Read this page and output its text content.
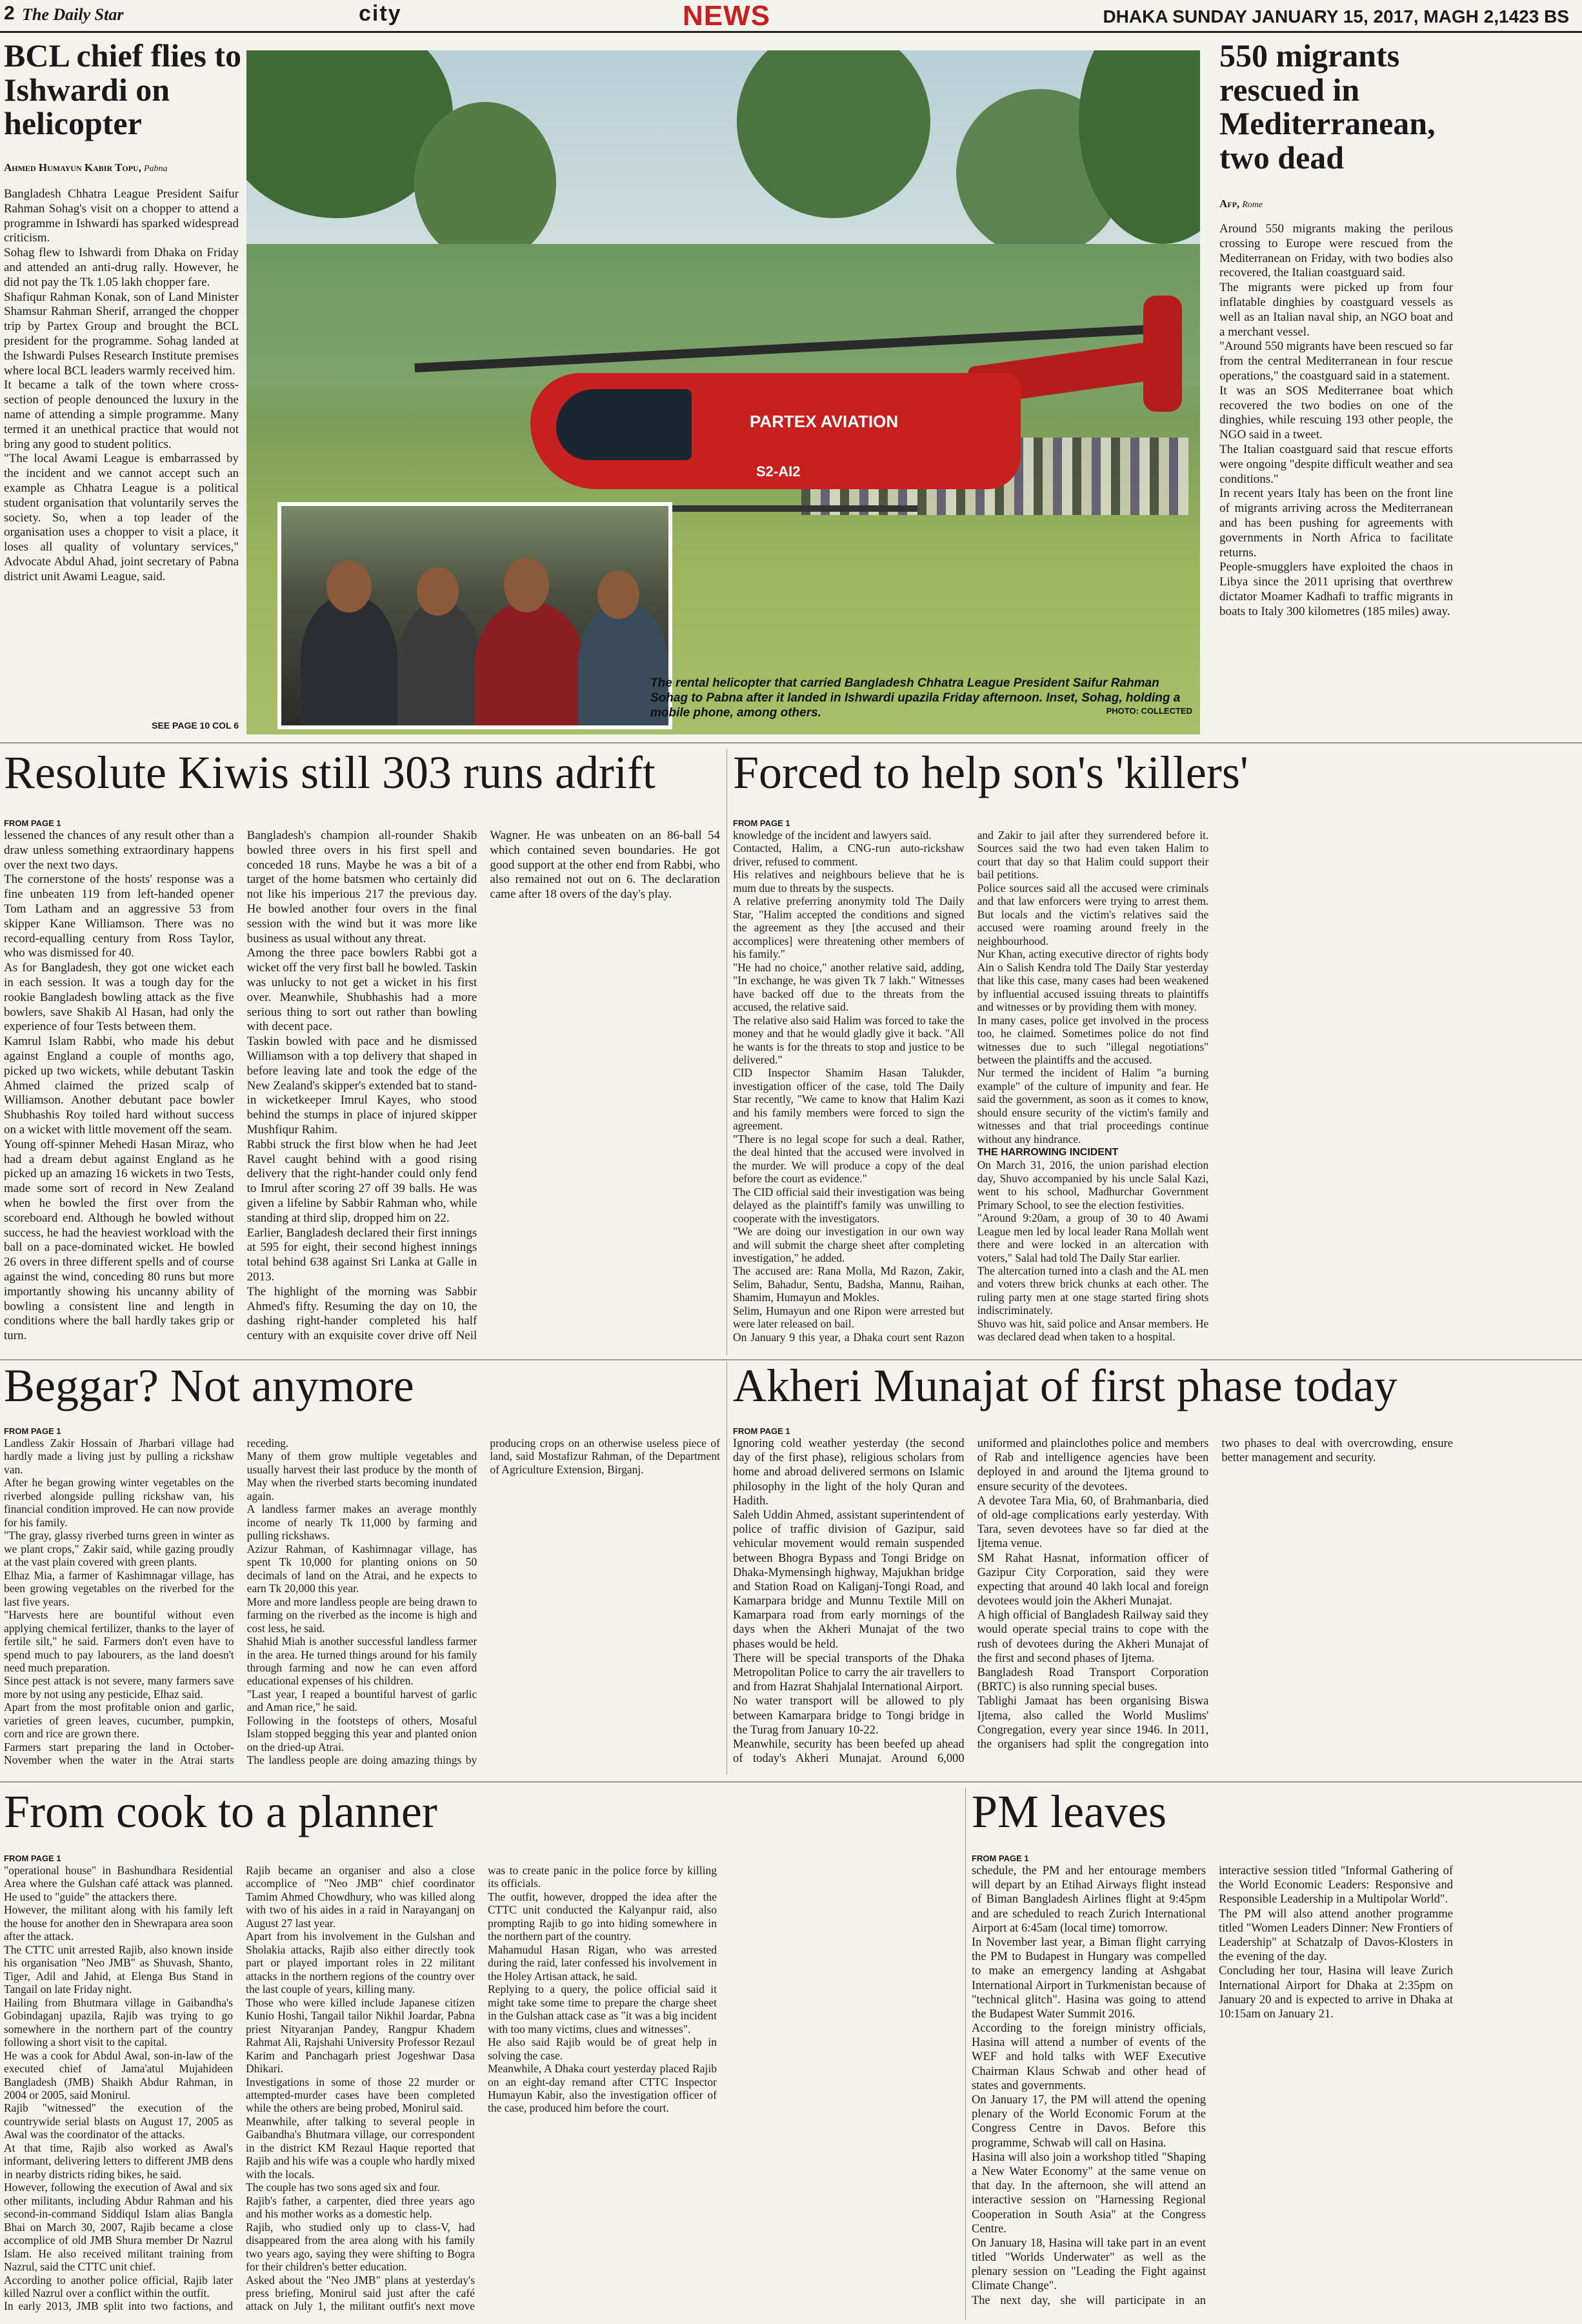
2 The Daily Star	city	NEWS	DHAKA SUNDAY JANUARY 15, 2017, MAGH 2,1423 BS
BCL chief flies to Ishwardi on helicopter
Ahmed Humayun Kabir Topu, Pabna
Bangladesh Chhatra League President Saifur Rahman Sohag's visit on a chopper to attend a programme in Ishwardi has sparked widespread criticism.
Sohag flew to Ishwardi from Dhaka on Friday and attended an anti-drug rally. However, he did not pay the Tk 1.05 lakh chopper fare.
Shafiqur Rahman Konak, son of Land Minister Shamsur Rahman Sherif, arranged the chopper trip by Partex Group and brought the BCL president for the programme. Sohag landed at the Ishwardi Pulses Research Institute premises where local BCL leaders warmly received him.
It became a talk of the town where cross-section of people denounced the luxury in the name of attending a simple programme. Many termed it an unethical practice that would not bring any good to student politics.
"The local Awami League is embarrassed by the incident and we cannot accept such an example as Chhatra League is a political student organisation that voluntarily serves the society. So, when a top leader of the organisation uses a chopper to visit a place, it loses all quality of voluntary services," Advocate Abdul Ahad, joint secretary of Pabna district unit Awami League, said.
SEE PAGE 10 COL 6
PARTEX AVIATION
S2-AI2
The rental helicopter that carried Bangladesh Chhatra League President Saifur Rahman Sohag to Pabna after it landed in Ishwardi upazila Friday afternoon. Inset, Sohag, holding a mobile phone, among others.	PHOTO: COLLECTED
550 migrants rescued in Mediterranean, two dead
Afp, Rome
Around 550 migrants making the perilous crossing to Europe were rescued from the Mediterranean on Friday, with two bodies also recovered, the Italian coastguard said.
The migrants were picked up from four inflatable dinghies by coastguard vessels as well as an Italian naval ship, an NGO boat and a merchant vessel.
"Around 550 migrants have been rescued so far from the central Mediterranean in four rescue operations," the coastguard said in a statement.
It was an SOS Mediterranee boat which recovered the two bodies on one of the dinghies, while rescuing 193 other people, the NGO said in a tweet.
The Italian coastguard said that rescue efforts were ongoing "despite difficult weather and sea conditions."
In recent years Italy has been on the front line of migrants arriving across the Mediterranean and has been pushing for agreements with governments in North Africa to facilitate returns.
People-smugglers have exploited the chaos in Libya since the 2011 uprising that overthrew dictator Moamer Kadhafi to traffic migrants in boats to Italy 300 kilometres (185 miles) away.
Resolute Kiwis still 303 runs adrift
FROM PAGE 1
lessened the chances of any result other than a draw unless something extraordinary happens over the next two days.
The cornerstone of the hosts' response was a fine unbeaten 119 from left-handed opener Tom Latham and an aggressive 53 from skipper Kane Williamson. There was no record-equalling century from Ross Taylor, who was dismissed for 40.
As for Bangladesh, they got one wicket each in each session. It was a tough day for the rookie Bangladesh bowling attack as the five bowlers, save Shakib Al Hasan, had only the experience of four Tests between them.
Kamrul Islam Rabbi, who made his debut against England a couple of months ago, picked up two wickets, while debutant Taskin Ahmed claimed the prized scalp of Williamson. Another debutant pace bowler Shubhashis Roy toiled hard without success on a wicket with little movement off the seam.
Young off-spinner Mehedi Hasan Miraz, who had a dream debut against England as he picked up an amazing 16 wickets in two Tests, made some sort of record in New Zealand when he bowled the first over from the scoreboard end. Although he bowled without success, he had the heaviest workload with the ball on a pace-dominated wicket. He bowled 26 overs in three different spells and of course against the wind, conceding 80 runs but more importantly showing his uncanny ability of bowling a consistent line and length in conditions where the ball hardly takes grip or turn.
Bangladesh's champion all-rounder Shakib bowled three overs in his first spell and conceded 18 runs. Maybe he was a bit of a target of the home batsmen who certainly did not like his imperious 217 the previous day. He bowled another four overs in the final session with the wind but it was more like business as usual without any threat.
Among the three pace bowlers Rabbi got a wicket off the very first ball he bowled. Taskin was unlucky to not get a wicket in his first over. Meanwhile, Shubhashis had a more serious thing to sort out rather than bowling with decent pace.
Taskin bowled with pace and he dismissed Williamson with a top delivery that shaped in before leaving late and took the edge of the New Zealand's skipper's extended bat to stand-in wicketkeeper Imrul Kayes, who stood behind the stumps in place of injured skipper Mushfiqur Rahim.
Rabbi struck the first blow when he had Jeet Ravel caught behind with a good rising delivery that the right-hander could only fend to Imrul after scoring 27 off 39 balls. He was given a lifeline by Sabbir Rahman who, while standing at third slip, dropped him on 22.
Earlier, Bangladesh declared their first innings at 595 for eight, their second highest innings total behind 638 against Sri Lanka at Galle in 2013.
The highlight of the morning was Sabbir Ahmed's fifty. Resuming the day on 10, the dashing right-hander completed his half century with an exquisite cover drive off Neil Wagner. He was unbeaten on an 86-ball 54 which contained seven boundaries. He got good support at the other end from Rabbi, who also remained not out on 6. The declaration came after 18 overs of the day's play.
Forced to help son's 'killers'
FROM PAGE 1
knowledge of the incident and lawyers said.
Contacted, Halim, a CNG-run auto-rickshaw driver, refused to comment.
His relatives and neighbours believe that he is mum due to threats by the suspects.
A relative preferring anonymity told The Daily Star, "Halim accepted the conditions and signed the agreement as they [the accused and their accomplices] were threatening other members of his family."
"He had no choice," another relative said, adding, "In exchange, he was given Tk 7 lakh." Witnesses have backed off due to the threats from the accused, the relative said.
The relative also said Halim was forced to take the money and that he would gladly give it back. "All he wants is for the threats to stop and justice to be delivered."
CID Inspector Shamim Hasan Talukder, investigation officer of the case, told The Daily Star recently, "We came to know that Halim Kazi and his family members were forced to sign the agreement.
"There is no legal scope for such a deal. Rather, the deal hinted that the accused were involved in the murder. We will produce a copy of the deal before the court as evidence."
The CID official said their investigation was being delayed as the plaintiff's family was unwilling to cooperate with the investigators.
"We are doing our investigation in our own way and will submit the charge sheet after completing investigation," he added.
The accused are: Rana Molla, Md Razon, Zakir, Selim, Bahadur, Sentu, Badsha, Mannu, Raihan, Shamim, Humayun and Mokles.
Selim, Humayun and one Ripon were arrested but were later released on bail.
On January 9 this year, a Dhaka court sent Razon and Zakir to jail after they surrendered before it. Sources said the two had even taken Halim to court that day so that Halim could support their bail petitions.
Police sources said all the accused were criminals and that law enforcers were trying to arrest them. But locals and the victim's relatives said the accused were roaming around freely in the neighbourhood.
Nur Khan, acting executive director of rights body Ain o Salish Kendra told The Daily Star yesterday that like this case, many cases had been weakened by influential accused issuing threats to plaintiffs and witnesses or by providing them with money.
In many cases, police get involved in the process too, he claimed. Sometimes police do not find witnesses due to such "illegal negotiations" between the plaintiffs and the accused.
Nur termed the incident of Halim "a burning example" of the culture of impunity and fear. He said the government, as soon as it comes to know, should ensure security of the victim's family and witnesses and that trial proceedings continue without any hindrance.
THE HARROWING INCIDENT
On March 31, 2016, the union parishad election day, Shuvo accompanied by his uncle Salal Kazi, went to his school, Madhurchar Government Primary School, to see the election festivities.
"Around 9:20am, a group of 30 to 40 Awami League men led by local leader Rana Mollah went there and were locked in an altercation with voters," Salal had told The Daily Star earlier.
The altercation turned into a clash and the AL men and voters threw brick chunks at each other. The ruling party men at one stage started firing shots indiscriminately.
Shuvo was hit, said police and Ansar members. He was declared dead when taken to a hospital.
Beggar? Not anymore
FROM PAGE 1
Landless Zakir Hossain of Jharbari village had hardly made a living just by pulling a rickshaw van.
After he began growing winter vegetables on the riverbed alongside pulling rickshaw van, his financial condition improved. He can now provide for his family.
"The gray, glassy riverbed turns green in winter as we plant crops," Zakir said, while gazing proudly at the vast plain covered with green plants.
Elhaz Mia, a farmer of Kashimnagar village, has been growing vegetables on the riverbed for the last five years.
"Harvests here are bountiful without even applying chemical fertilizer, thanks to the layer of fertile silt," he said. Farmers don't even have to spend much to pay labourers, as the land doesn't need much preparation.
Since pest attack is not severe, many farmers save more by not using any pesticide, Elhaz said.
Apart from the most profitable onion and garlic, varieties of green leaves, cucumber, pumpkin, corn and rice are grown there.
Farmers start preparing the land in October-November when the water in the Atrai starts receding.
Many of them grow multiple vegetables and usually harvest their last produce by the month of May when the riverbed starts becoming inundated again.
A landless farmer makes an average monthly income of nearly Tk 11,000 by farming and pulling rickshaws.
Azizur Rahman, of Kashimnagar village, has spent Tk 10,000 for planting onions on 50 decimals of land on the Atrai, and he expects to earn Tk 20,000 this year.
More and more landless people are being drawn to farming on the riverbed as the income is high and cost less, he said.
Shahid Miah is another successful landless farmer in the area. He turned things around for his family through farming and now he can even afford educational expenses of his children.
"Last year, I reaped a bountiful harvest of garlic and Aman rice," he said.
Following in the footsteps of others, Mosaful Islam stopped begging this year and planted onion on the dried-up Atrai.
The landless people are doing amazing things by producing crops on an otherwise useless piece of land, said Mostafizur Rahman, of the Department of Agriculture Extension, Birganj.
Akheri Munajat of first phase today
FROM PAGE 1
Ignoring cold weather yesterday (the second day of the first phase), religious scholars from home and abroad delivered sermons on Islamic philosophy in the light of the holy Quran and Hadith.
Saleh Uddin Ahmed, assistant superintendent of police of traffic division of Gazipur, said vehicular movement would remain suspended between Bhogra Bypass and Tongi Bridge on Dhaka-Mymensingh highway, Majukhan bridge and Station Road on Kaliganj-Tongi Road, and Kamarpara bridge and Munnu Textile Mill on Kamarpara road from early mornings of the days when the Akheri Munajat of the two phases would be held.
There will be special transports of the Dhaka Metropolitan Police to carry the air travellers to and from Hazrat Shahjalal International Airport.
No water transport will be allowed to ply between Kamarpara bridge to Tongi bridge in the Turag from January 10-22.
Meanwhile, security has been beefed up ahead of today's Akheri Munajat. Around 6,000 uniformed and plainclothes police and members of Rab and intelligence agencies have been deployed in and around the Ijtema ground to ensure security of the devotees.
A devotee Tara Mia, 60, of Brahmanbaria, died of old-age complications early yesterday. With Tara, seven devotees have so far died at the Ijtema venue.
SM Rahat Hasnat, information officer of Gazipur City Corporation, said they were expecting that around 40 lakh local and foreign devotees would join the Akheri Munajat.
A high official of Bangladesh Railway said they would operate special trains to cope with the rush of devotees during the Akheri Munajat of the first and second phases of Ijtema.
Bangladesh Road Transport Corporation (BRTC) is also running special buses.
Tablighi Jamaat has been organising Biswa Ijtema, also called the World Muslims' Congregation, every year since 1946. In 2011, the organisers had split the congregation into two phases to deal with overcrowding, ensure better management and security.
From cook to a planner
FROM PAGE 1
"operational house" in Bashundhara Residential Area where the Gulshan café attack was planned. He used to "guide" the attackers there.
However, the militant along with his family left the house for another den in Shewrapara area soon after the attack.
The CTTC unit arrested Rajib, also known inside his organisation "Neo JMB" as Shuvash, Shanto, Tiger, Adil and Jahid, at Elenga Bus Stand in Tangail on late Friday night.
Hailing from Bhutmara village in Gaibandha's Gobindaganj upazila, Rajib was trying to go somewhere in the northern part of the country following a short visit to the capital.
He was a cook for Abdul Awal, son-in-law of the executed chief of Jama'atul Mujahideen Bangladesh (JMB) Shaikh Abdur Rahman, in 2004 or 2005, said Monirul.
Rajib "witnessed" the execution of the countrywide serial blasts on August 17, 2005 as Awal was the coordinator of the attacks.
At that time, Rajib also worked as Awal's informant, delivering letters to different JMB dens in nearby districts riding bikes, he said.
However, following the execution of Awal and six other militants, including Abdur Rahman and his second-in-command Siddiqul Islam alias Bangla Bhai on March 30, 2007, Rajib became a close accomplice of old JMB Shura member Dr Nazrul Islam. He also received militant training from Nazrul, said the CTTC unit chief.
According to another police official, Rajib later killed Nazrul over a conflict within the outfit.
In early 2013, JMB split into two factions, and Rajib became an organiser and also a close accomplice of "Neo JMB" chief coordinator Tamim Ahmed Chowdhury, who was killed along with two of his aides in a raid in Narayanganj on August 27 last year.
Apart from his involvement in the Gulshan and Sholakia attacks, Rajib also either directly took part or played important roles in 22 militant attacks in the northern regions of the country over the last couple of years, killing many.
Those who were killed include Japanese citizen Kunio Hoshi, Tangail tailor Nikhil Joardar, Pabna priest Nityaranjan Pandey, Rangpur Khadem Rahmat Ali, Rajshahi University Professor Rezaul Karim and Panchagarh priest Jogeshwar Dasa Dhikari.
Investigations in some of those 22 murder or attempted-murder cases have been completed while the others are being probed, Monirul said.
Meanwhile, after talking to several people in Gaibandha's Bhutmara village, our correspondent in the district KM Rezaul Haque reported that Rajib and his wife was a couple who hardly mixed with the locals.
The couple has two sons aged six and four.
Rajib's father, a carpenter, died three years ago and his mother works as a domestic help.
Rajib, who studied only up to class-V, had disappeared from the area along with his family two years ago, saying they were shifting to Bogra for their children's better education.
Asked about the "Neo JMB" plans at yesterday's press briefing, Monirul said just after the café attack on July 1, the militant outfit's next move was to create panic in the police force by killing its officials.
The outfit, however, dropped the idea after the CTTC unit conducted the Kalyanpur raid, also prompting Rajib to go into hiding somewhere in the northern part of the country.
Mahamudul Hasan Rigan, who was arrested during the raid, later confessed his involvement in the Holey Artisan attack, he said.
Replying to a query, the police official said it might take some time to prepare the charge sheet in the Gulshan attack case as "it was a big incident with too many victims, clues and witnesses".
He also said Rajib would be of great help in solving the case.
Meanwhile, A Dhaka court yesterday placed Rajib on an eight-day remand after CTTC Inspector Humayun Kabir, also the investigation officer of the case, produced him before the court.
PM leaves
FROM PAGE 1
schedule, the PM and her entourage members will depart by an Etihad Airways flight instead of Biman Bangladesh Airlines flight at 9:45pm and are scheduled to reach Zurich International Airport at 6:45am (local time) tomorrow.
In November last year, a Biman flight carrying the PM to Budapest in Hungary was compelled to make an emergency landing at Ashgabat International Airport in Turkmenistan because of "technical glitch". Hasina was going to attend the Budapest Water Summit 2016.
According to the foreign ministry officials, Hasina will attend a number of events of the WEF and hold talks with WEF Executive Chairman Klaus Schwab and other head of states and governments.
On January 17, the PM will attend the opening plenary of the World Economic Forum at the Congress Centre in Davos. Before this programme, Schwab will call on Hasina.
Hasina will also join a workshop titled "Shaping a New Water Economy" at the same venue on that day. In the afternoon, she will attend an interactive session on "Harnessing Regional Cooperation in South Asia" at the Congress Centre.
On January 18, Hasina will take part in an event titled "Worlds Underwater" as well as the plenary session on "Leading the Fight against Climate Change".
The next day, she will participate in an interactive session titled "Informal Gathering of the World Economic Leaders: Responsive and Responsible Leadership in a Multipolar World".
The PM will also attend another programme titled "Women Leaders Dinner: New Frontiers of Leadership" at Schatzalp of Davos-Klosters in the evening of the day.
Concluding her tour, Hasina will leave Zurich International Airport for Dhaka at 2:35pm on January 20 and is expected to arrive in Dhaka at 10:15am on January 21.
